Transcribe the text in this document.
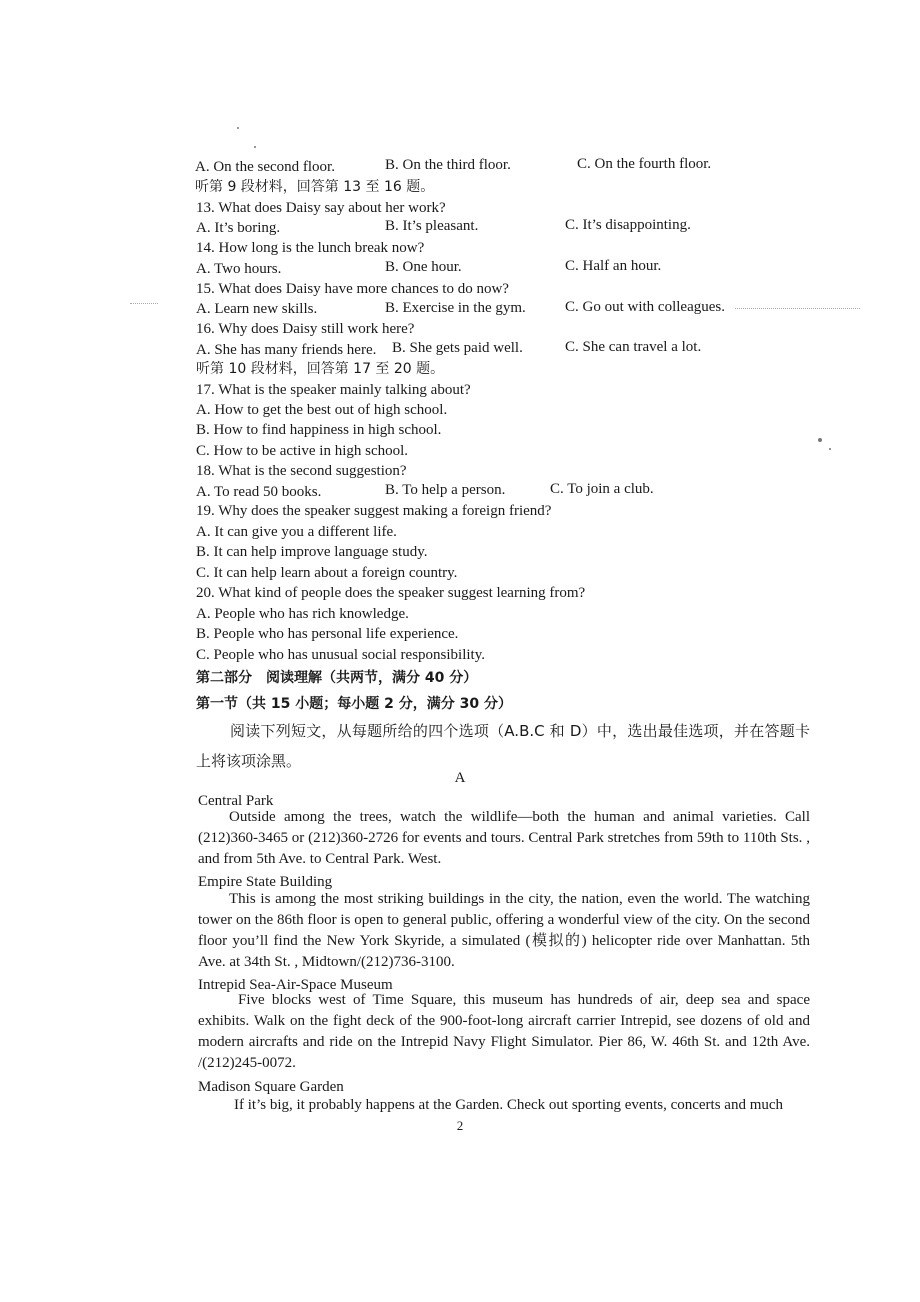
A. On the second floor.	B. On the third floor.	C. On the fourth floor.
听第 9 段材料，回答第 13 至 16 题。
13. What does Daisy say about her work?
A. It’s boring.	B. It’s pleasant.	C. It’s disappointing.
14. How long is the lunch break now?
A. Two hours.	B. One hour.	C. Half an hour.
15. What does Daisy have more chances to do now?
A. Learn new skills.	B. Exercise in the gym.	C. Go out with colleagues.
16. Why does Daisy still work here?
A. She has many friends here. B. She gets paid well.	C. She can travel a lot.
听第 10 段材料，回答第 17 至 20 题。
17. What is the speaker mainly talking about?
A. How to get the best out of high school.
B. How to find happiness in high school.
C. How to be active in high school.
18. What is the second suggestion?
A. To read 50 books.	B. To help a person.	C. To join a club.
19. Why does the speaker suggest making a foreign friend?
A. It can give you a different life.
B. It can help improve language study.
C. It can help learn about a foreign country.
20. What kind of people does the speaker suggest learning from?
A. People who has rich knowledge.
B. People who has personal life experience.
C. People who has unusual social responsibility.
第二部分　阅读理解（共两节，满分 40 分）
第一节（共 15 小题；每小题 2 分，满分 30 分）
阅读下列短文，从每题所给的四个选项（A.B.C 和 D）中，选出最佳选项，并在答题卡上将该项涂黑。
A
Central Park
Outside among the trees, watch the wildlife—both the human and animal varieties. Call (212)360-3465 or (212)360-2726 for events and tours. Central Park stretches from 59th to 110th Sts. , and from 5th Ave. to Central Park. West.
Empire State Building
This is among the most striking buildings in the city, the nation, even the world. The watching tower on the 86th floor is open to general public, offering a wonderful view of the city. On the second floor you’ll find the New York Skyride, a simulated (模拟的) helicopter ride over Manhattan. 5th Ave. at 34th St. , Midtown/(212)736-3100.
Intrepid Sea-Air-Space Museum
Five blocks west of Time Square, this museum has hundreds of air, deep sea and space exhibits. Walk on the fight deck of the 900-foot-long aircraft carrier Intrepid, see dozens of old and modern aircrafts and ride on the Intrepid Navy Flight Simulator. Pier 86, W. 46th St. and 12th Ave. /(212)245-0072.
Madison Square Garden
If it’s big, it probably happens at the Garden. Check out sporting events, concerts and much
2
